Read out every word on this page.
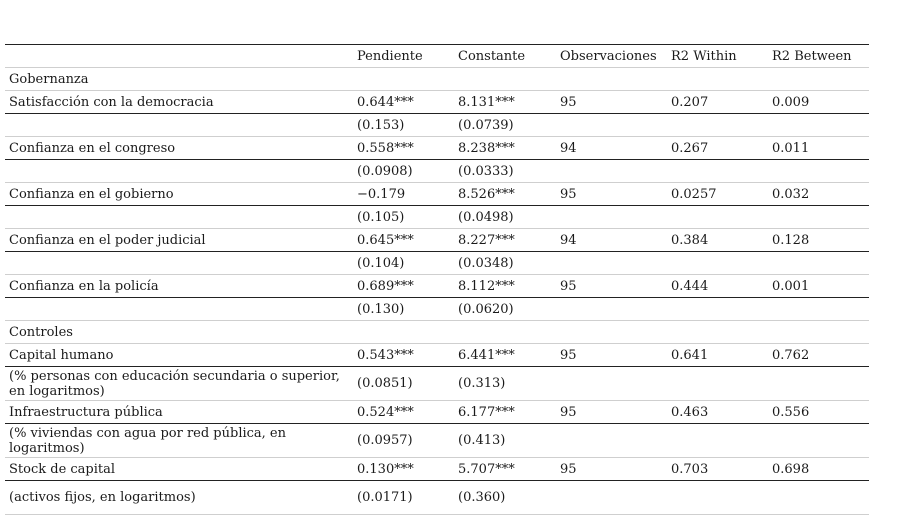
	Pendiente	Constante	Observaciones	R2 Within	R2 Between
Gobernanza					
Satisfacción con la democracia	0.644***	8.131***	95	0.207	0.009
	(0.153)	(0.0739)			
Confianza en el congreso	0.558***	8.238***	94	0.267	0.011
	(0.0908)	(0.0333)			
Confianza en el gobierno	−0.179	8.526***	95	0.0257	0.032
	(0.105)	(0.0498)			
Confianza en el poder judicial	0.645***	8.227***	94	0.384	0.128
	(0.104)	(0.0348)			
Confianza en la policía	0.689***	8.112***	95	0.444	0.001
	(0.130)	(0.0620)			
Controles					
Capital humano	0.543***	6.441***	95	0.641	0.762
(% personas con educación secundaria o superior, en logaritmos)	(0.0851)	(0.313)			
Infraestructura pública	0.524***	6.177***	95	0.463	0.556
(% viviendas con agua por red pública, en logaritmos)	(0.0957)	(0.413)			
Stock de capital	0.130***	5.707***	95	0.703	0.698
(activos fijos, en logaritmos)	(0.0171)	(0.360)			
